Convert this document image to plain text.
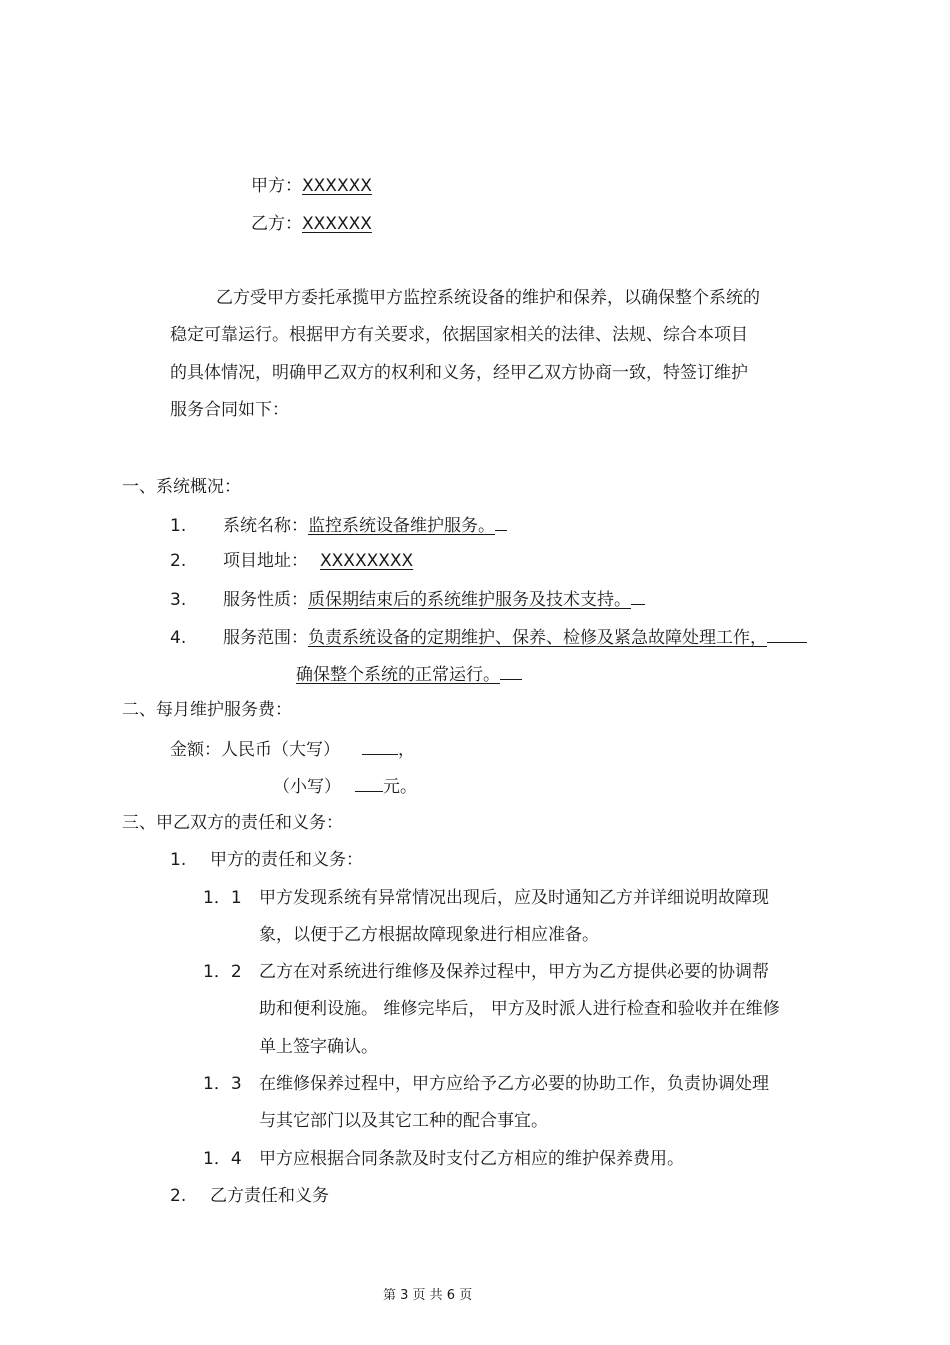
甲方：XXXXXX
乙方：XXXXXX
乙方受甲方委托承揽甲方监控系统设备的维护和保养，以确保整个系统的
稳定可靠运行。根据甲方有关要求，依据国家相关的法律、法规、综合本项目
的具体情况，明确甲乙双方的权利和义务，经甲乙双方协商一致，特签订维护
服务合同如下：
一、系统概况：
1. 系统名称：监控系统设备维护服务。
2. 项目地址： XXXXXXXX
3. 服务性质：质保期结束后的系统维护服务及技术支持。
4. 服务范围：负责系统设备的定期维护、保养、检修及紧急故障处理工作，
确保整个系统的正常运行。
二、每月维护服务费：
金额：人民币（大写）	，
（小写） 元。
三、甲乙双方的责任和义务：
1. 甲方的责任和义务：
1．1 甲方发现系统有异常情况出现后，应及时通知乙方并详细说明故障现
象，以便于乙方根据故障现象进行相应准备。
1．2 乙方在对系统进行维修及保养过程中，甲方为乙方提供必要的协调帮
助和便利设施。 维修完毕后， 甲方及时派人进行检查和验收并在维修
单上签字确认。
1．3 在维修保养过程中，甲方应给予乙方必要的协助工作，负责协调处理
与其它部门以及其它工种的配合事宜。
1．4 甲方应根据合同条款及时支付乙方相应的维护保养费用。
2. 乙方责任和义务
第 3 页 共 6 页
